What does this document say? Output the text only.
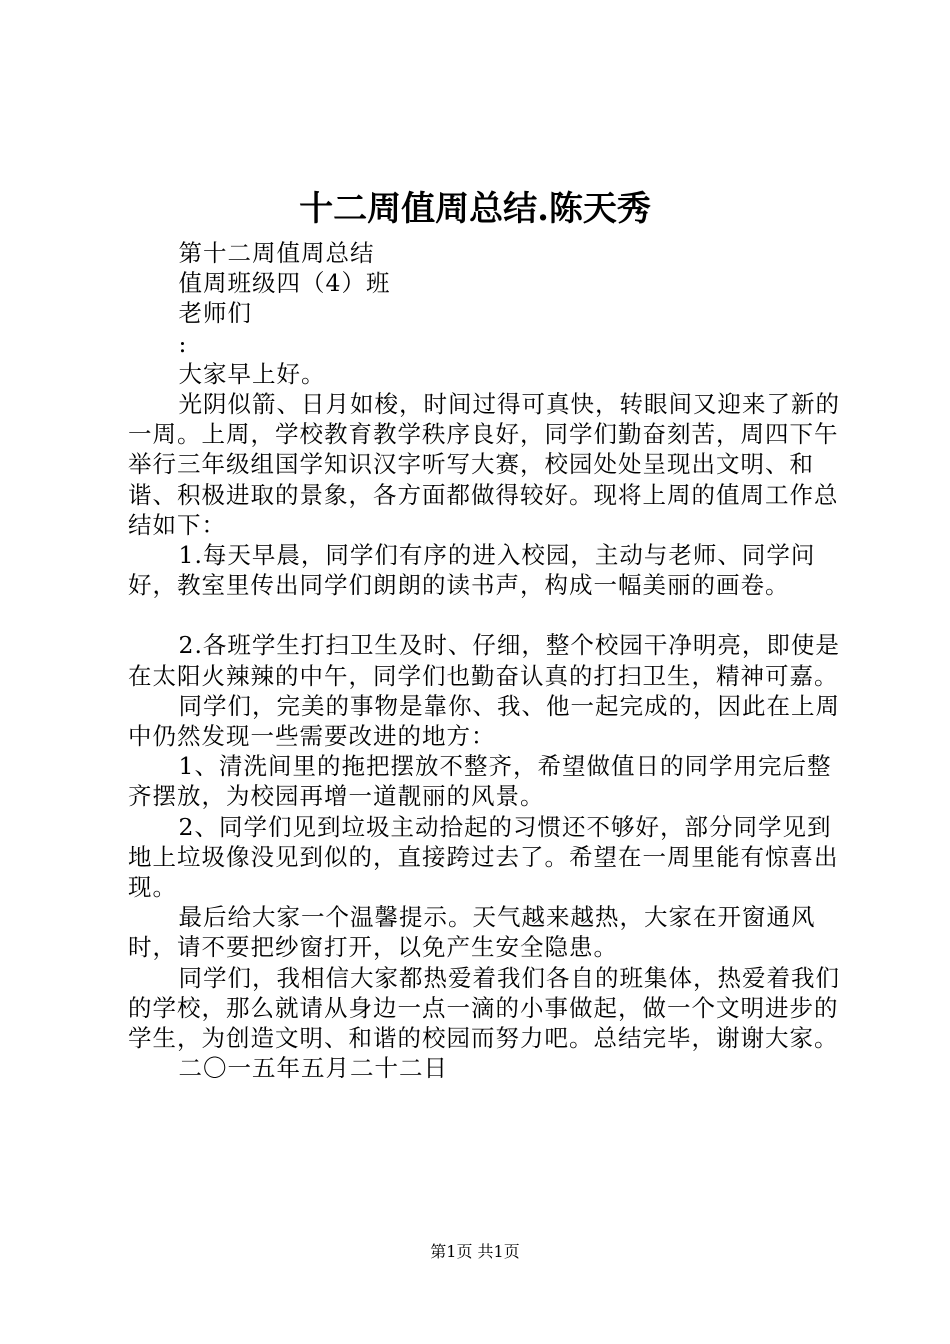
十二周值周总结.陈天秀

第十二周值周总结

值周班级四（4）班

老师们

:

大家早上好。

光阴似箭、日月如梭，时间过得可真快，转眼间又迎来了新的一周。上周，学校教育教学秩序良好，同学们勤奋刻苦，周四下午举行三年级组国学知识汉字听写大赛，校园处处呈现出文明、和谐、积极进取的景象，各方面都做得较好。现将上周的值周工作总结如下：

1.每天早晨，同学们有序的进入校园，主动与老师、同学问好，教室里传出同学们朗朗的读书声，构成一幅美丽的画卷。

2.各班学生打扫卫生及时、仔细，整个校园干净明亮，即使是在太阳火辣辣的中午，同学们也勤奋认真的打扫卫生，精神可嘉。

同学们，完美的事物是靠你、我、他一起完成的，因此在上周中仍然发现一些需要改进的地方：

1、清洗间里的拖把摆放不整齐，希望做值日的同学用完后整齐摆放，为校园再增一道靓丽的风景。

2、同学们见到垃圾主动拾起的习惯还不够好，部分同学见到地上垃圾像没见到似的，直接跨过去了。希望在一周里能有惊喜出现。

最后给大家一个温馨提示。天气越来越热，大家在开窗通风时，请不要把纱窗打开，以免产生安全隐患。

同学们，我相信大家都热爱着我们各自的班集体，热爱着我们的学校，那么就请从身边一点一滴的小事做起，做一个文明进步的学生，为创造文明、和谐的校园而努力吧。总结完毕，谢谢大家。

二〇一五年五月二十二日

第1页 共1页
